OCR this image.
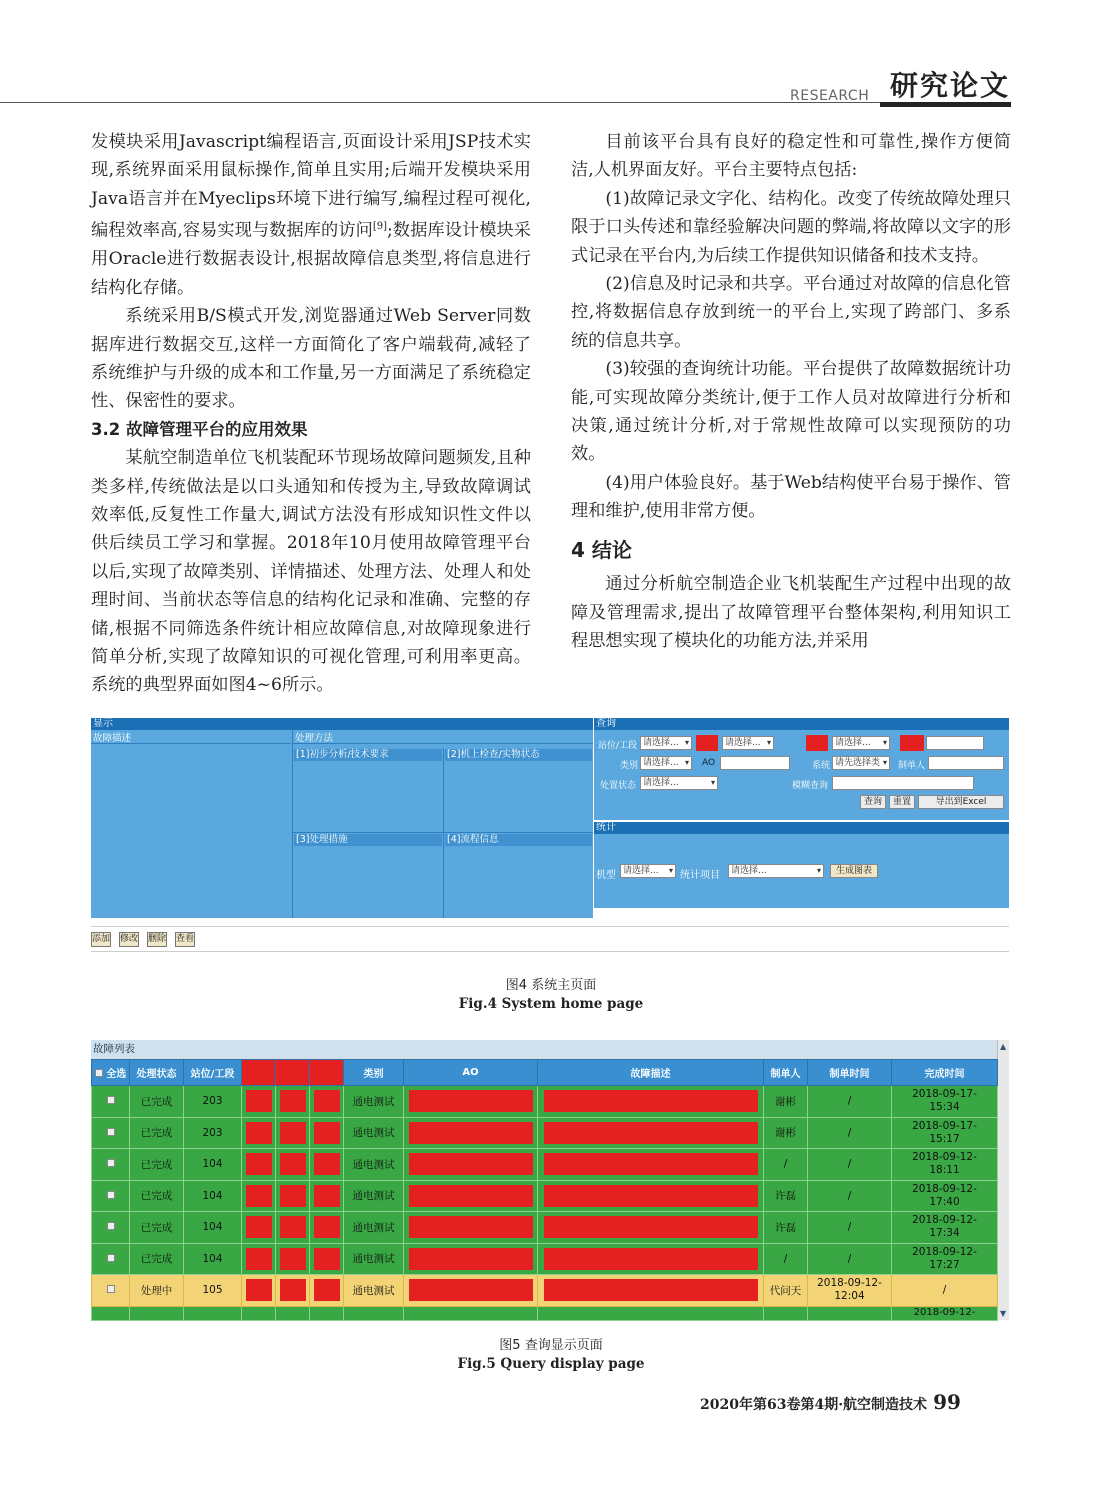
RESEARCH 研究论文

发模块采用Javascript编程语言,页面设计采用JSP技术实现,系统界面采用鼠标操作,简单且实用;后端开发模块采用Java语言并在Myeclips环境下进行编写,编程过程可视化,编程效率高,容易实现与数据库的访问[9];数据库设计模块采用Oracle进行数据表设计,根据故障信息类型,将信息进行结构化存储。

系统采用B/S模式开发,浏览器通过Web Server同数据库进行数据交互,这样一方面简化了客户端载荷,减轻了系统维护与升级的成本和工作量,另一方面满足了系统稳定性、保密性的要求。

3.2 故障管理平台的应用效果

某航空制造单位飞机装配环节现场故障问题频发,且种类多样,传统做法是以口头通知和传授为主,导致故障调试效率低,反复性工作量大,调试方法没有形成知识性文件以供后续员工学习和掌握。2018年10月使用故障管理平台以后,实现了故障类别、详情描述、处理方法、处理人和处理时间、当前状态等信息的结构化记录和准确、完整的存储,根据不同筛选条件统计相应故障信息,对故障现象进行简单分析,实现了故障知识的可视化管理,可利用率更高。系统的典型界面如图4~6所示。

目前该平台具有良好的稳定性和可靠性,操作方便简洁,人机界面友好。平台主要特点包括:

(1)故障记录文字化、结构化。改变了传统故障处理只限于口头传述和靠经验解决问题的弊端,将故障以文字的形式记录在平台内,为后续工作提供知识储备和技术支持。

(2)信息及时记录和共享。平台通过对故障的信息化管控,将数据信息存放到统一的平台上,实现了跨部门、多系统的信息共享。

(3)较强的查询统计功能。平台提供了故障数据统计功能,可实现故障分类统计,便于工作人员对故障进行分析和决策,通过统计分析,对于常规性故障可以实现预防的功效。

(4)用户体验良好。基于Web结构使平台易于操作、管理和维护,使用非常方便。

4 结论

通过分析航空制造企业飞机装配生产过程中出现的故障及管理需求,提出了故障管理平台整体架构,利用知识工程思想实现了模块化的功能方法,并采用

显示
故障描述	处理方法
[1]初步分析/技术要求	[2]机上检查/实物状态
[3]处理措施	[4]流程信息
查询
站位/工段 请选择... ▾	请选择... ▾	请选择... ▾
类别 请选择... ▾	AO	系统 请先选择类 ▾	制单人
处置状态 请选择... ▾	模糊查询
查询	重置	导出到Excel
统计
机型 请选择... ▾	统计项目	请选择... ▾	生成图表
添加 修改 删除 查看
图4 系统主页面
Fig.4 System home page
故障列表	▲
▼
全选	处理状态	站位/工段				类别	AO	故障描述	制单人	制单时间	完成时间
	已完成	203				通电测试			谢彬	/	2018-09-17-
15:34
	已完成	203				通电测试			谢彬	/	2018-09-17-
15:17
	已完成	104				通电测试			/	/	2018-09-12-
18:11
	已完成	104				通电测试			许磊	/	2018-09-12-
17:40
	已完成	104				通电测试			许磊	/	2018-09-12-
17:34
	已完成	104				通电测试			/	/	2018-09-12-
17:27
	处理中	105				通电测试			代问天	2018-09-12-
12:04	/
											2018-09-12-
图5 查询显示页面
Fig.5 Query display page
2020年第63卷第4期·航空制造技术 99
